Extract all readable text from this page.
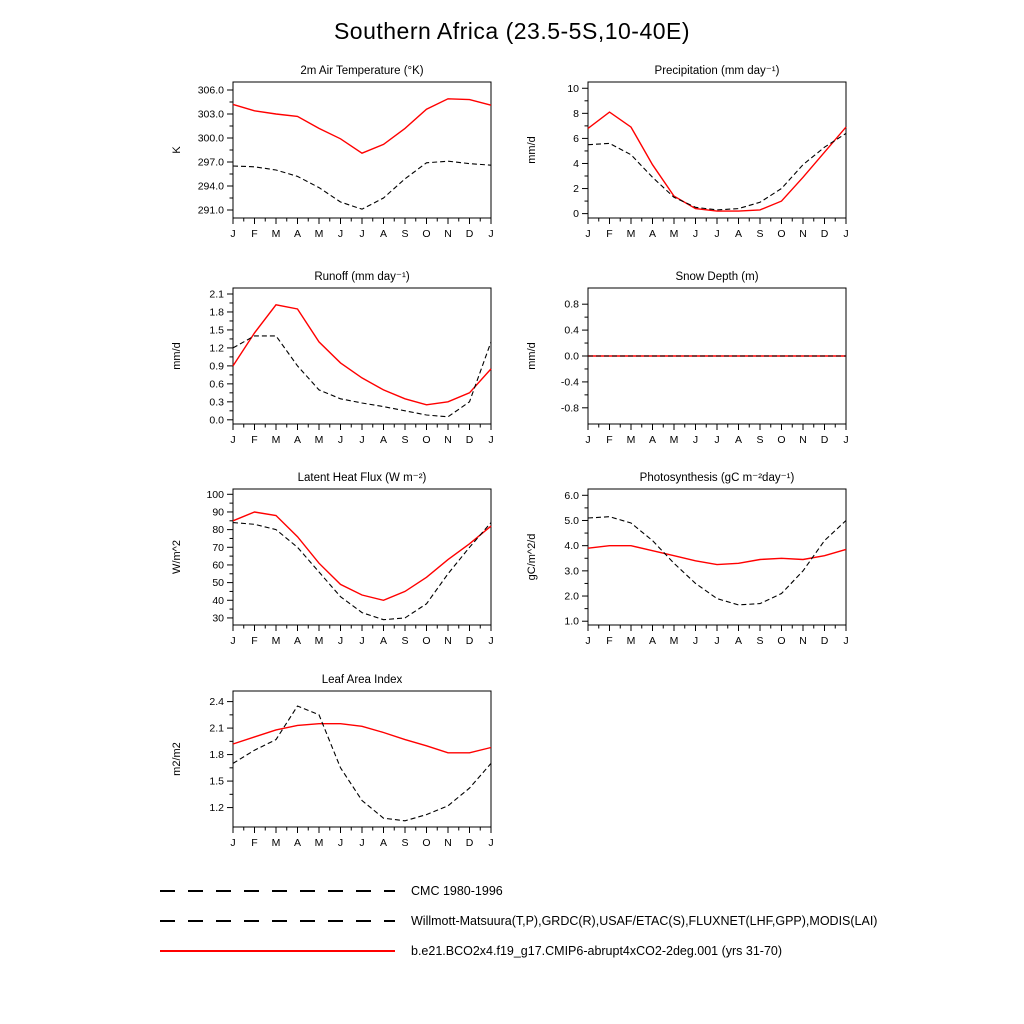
Southern Africa (23.5-5S,10-40E)
2m Air Temperature (°K)
291.0
294.0
297.0
300.0
303.0
306.0
J F M A M J J A S O N D J
K
Precipitation (mm day⁻¹)
0
2
4
6
8
10
J F M A M J J A S O N D J
mm/d
Runoff (mm day⁻¹)
0.0
0.3
0.6
0.9
1.2
1.5
1.8
2.1
J F M A M J J A S O N D J
mm/d
Snow Depth (m)
-0.8
-0.4
0.0
0.4
0.8
J F M A M J J A S O N D J
mm/d
Latent Heat Flux (W m⁻²)
30
40
50
60
70
80
90
100
J F M A M J J A S O N D J
W/m^2
Photosynthesis (gC m⁻²day⁻¹)
1.0
2.0
3.0
4.0
5.0
6.0
J F M A M J J A S O N D J
gC/m^2/d
Leaf Area Index
1.2
1.5
1.8
2.1
2.4
J F M A M J J A S O N D J
m2/m2
CMC 1980-1996
Willmott-Matsuura(T,P),GRDC(R),USAF/ETAC(S),FLUXNET(LHF,GPP),MODIS(LAI)
b.e21.BCO2x4.f19_g17.CMIP6-abrupt4xCO2-2deg.001 (yrs 31-70)
